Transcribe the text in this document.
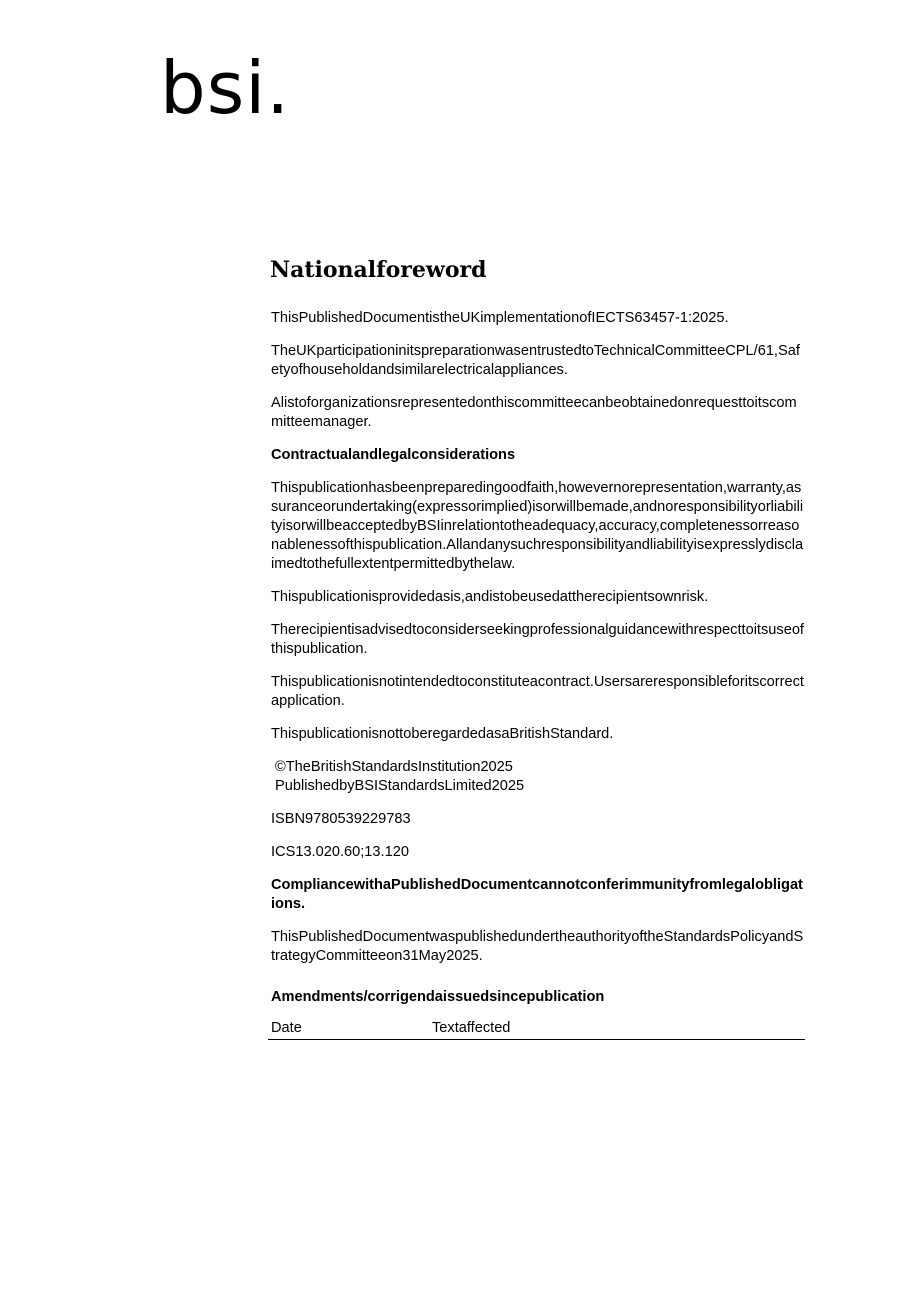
bsi.
Nationalforeword
ThisPublishedDocumentistheUKimplementationofIECTS63457-1:2025.
TheUKparticipationinitspreparationwasentrustedtoTechnicalCommitteeCPL/61,Safetyofhouseholdandsimilarelectricalappliances.
Alistoforganizationsrepresentedonthiscommitteecanbeobtainedonrequesttoitscommitteemanager.
Contractualandlegalconsiderations
Thispublicationhasbeenpreparedingoodfaith,howevernorepresentation,warranty,assuranceorundertaking(expressorimplied)isorwillbemade,andnoresponsibilityorliabilityisorwillbeacceptedbyBSIinrelationtotheadequacy,accuracy,completenessorreasonablenessofthispublication.Allandanysuchresponsibilityandliabilityisexpresslydisclaimedtothefullextentpermittedbythelaw.
Thispublicationisprovidedasis,andistobeusedattherecipientsownrisk.
Therecipientisadvisedtoconsiderseekingprofessionalguidancewithrespecttoitsuseofthispublication.
Thispublicationisnotintendedtoconstituteacontract.Usersareresponsibleforitscorrectapplication.
ThispublicationisnottoberegardedasaBritishStandard.
©TheBritishStandardsInstitution2025
PublishedbyBSIStandardsLimited2025
ISBN9780539229783
ICS13.020.60;13.120
CompliancewithaPublishedDocumentcannotconferimmunityfromlegalobligations.
ThisPublishedDocumentwaspublishedundertheauthorityoftheStandardsPolicyandStrategyCommitteeon31May2025.
Amendments/corrigendaissuedsincepublication
Date	Textaffected
